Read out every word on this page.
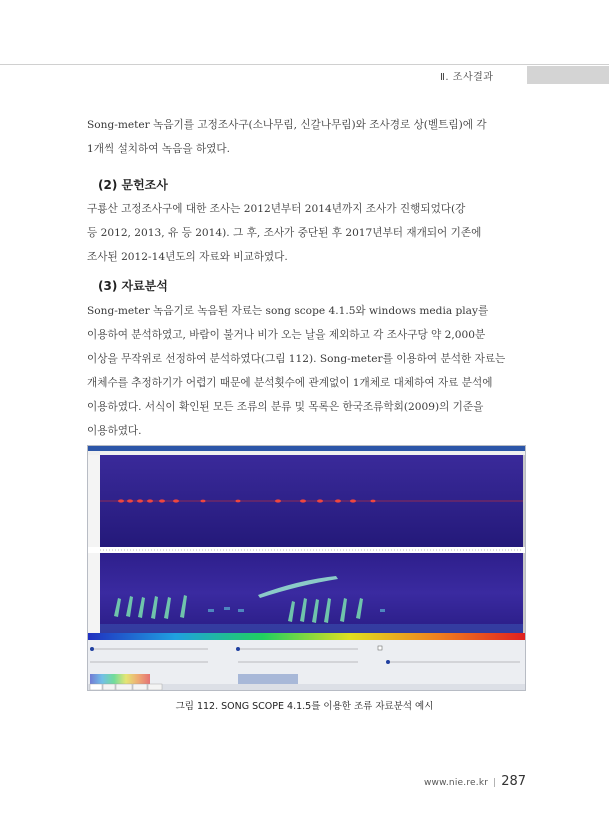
Ⅱ. 조사결과

Song-meter 녹음기를 고정조사구(소나무림, 신갈나무림)와 조사경로 상(벨트림)에 각
1개씩 설치하여 녹음을 하였다.

(2) 문헌조사

구룡산 고정조사구에 대한 조사는 2012년부터 2014년까지 조사가 진행되었다(강
등 2012, 2013, 유 등 2014). 그 후, 조사가 중단된 후 2017년부터 재개되어 기존에
조사된 2012-14년도의 자료와 비교하였다.

(3) 자료분석

Song-meter 녹음기로 녹음된 자료는 song scope 4.1.5와 windows media play를
이용하여 분석하였고, 바람이 불거나 비가 오는 날을 제외하고 각 조사구당 약 2,000분
이상을 무작위로 선정하여 분석하였다(그림 112). Song-meter를 이용하여 분석한 자료는
개체수를 추정하기가 어렵기 때문에 분석횟수에 관계없이 1개체로 대체하여 자료 분석에
이용하였다. 서식이 확인된 모든 조류의 분류 및 목록은 한국조류학회(2009)의 기준을
이용하였다.

그림 112. SONG SCOPE 4.1.5를 이용한 조류 자료분석 예시
www.nie.re.kr | 287
